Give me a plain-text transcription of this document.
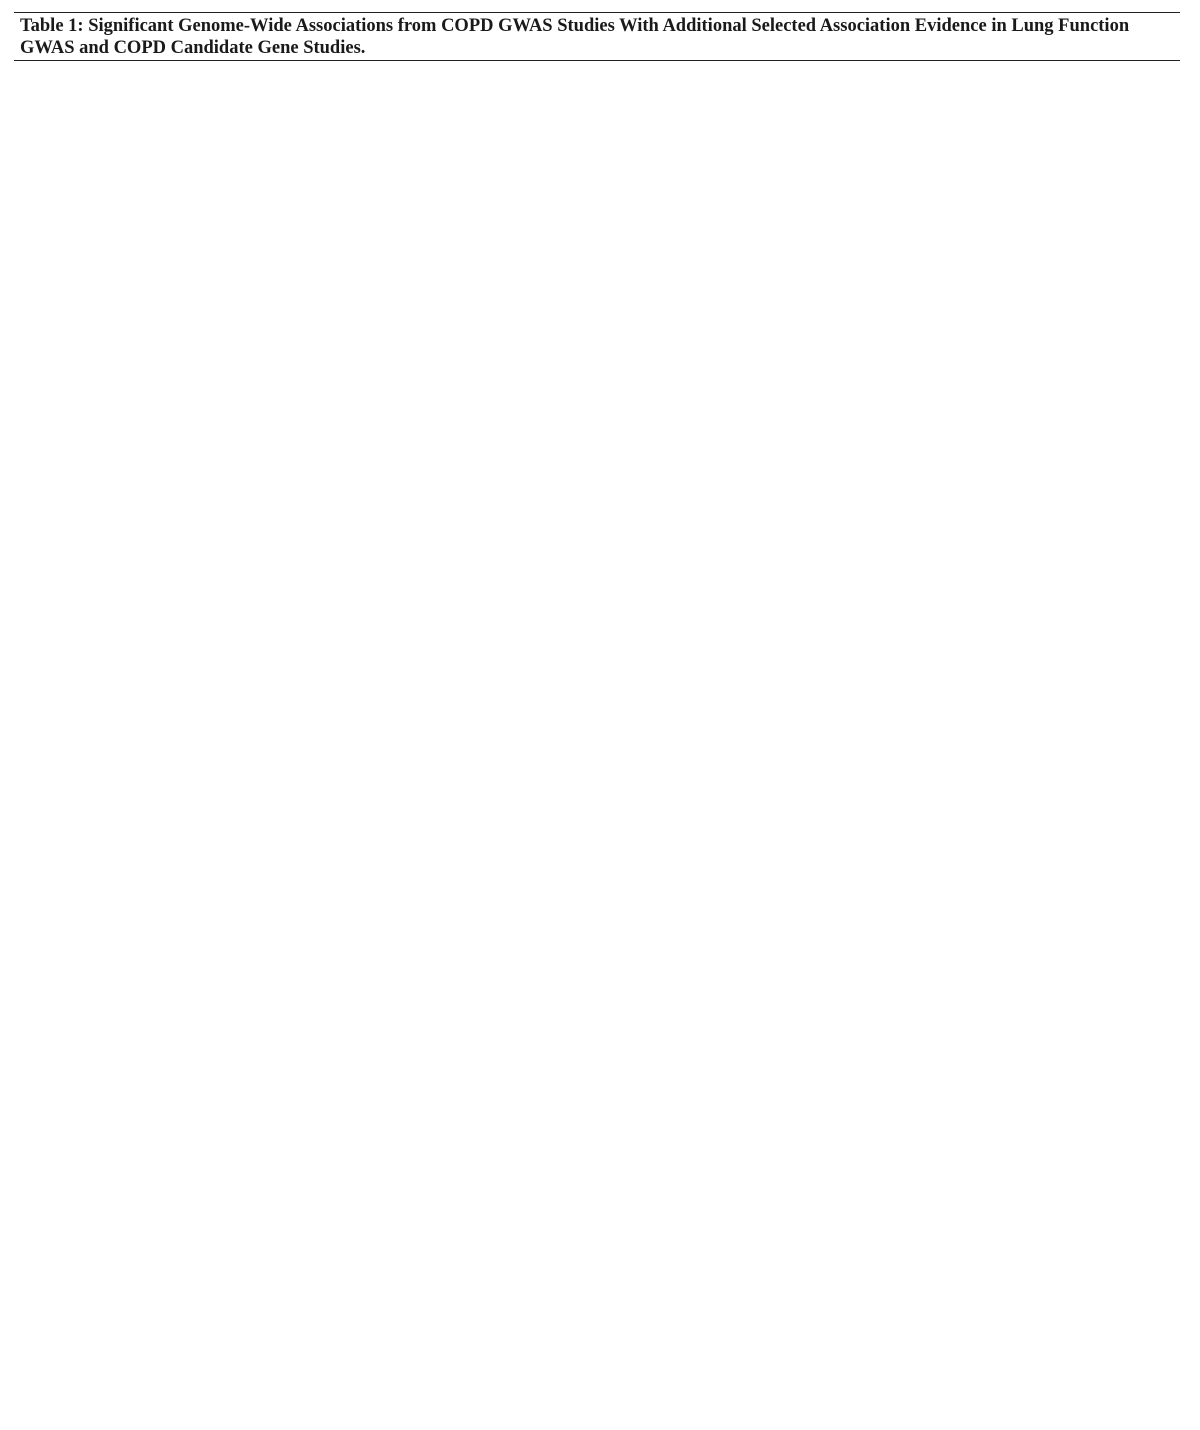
Table 1: Significant Genome-Wide Associations from COPD GWAS Studies With Additional Selected Association Evidence in Lung Function GWAS and COPD Candidate Gene Studies.
